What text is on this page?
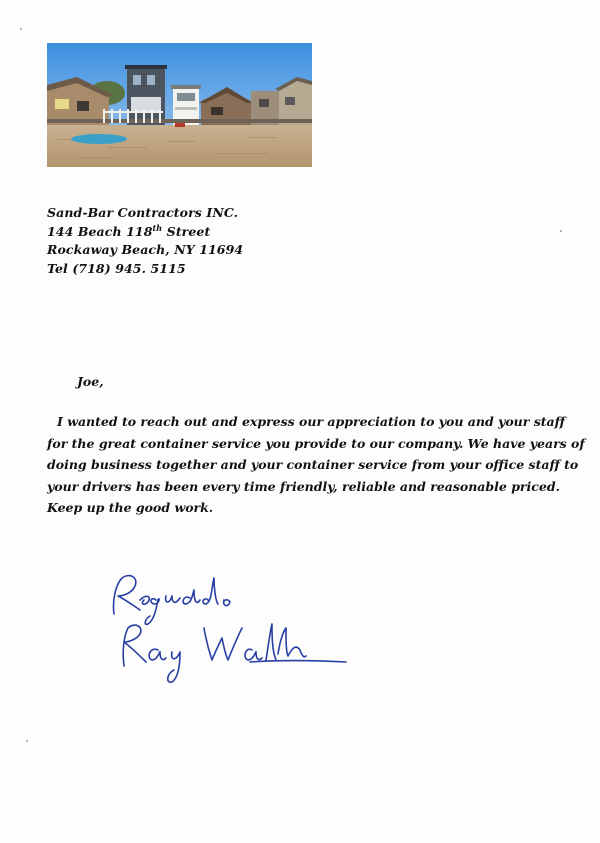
Sand-Bar Contractors INC.
144 Beach 118th Street
Rockaway Beach, NY 11694
Tel (718) 945. 5115
Joe,
I wanted to reach out and express our appreciation to you and your staff
for the great container service you provide to our company. We have years of
doing business together and your container service from your office staff to
your drivers has been every time friendly, reliable and reasonable priced.
Keep up the good work.
